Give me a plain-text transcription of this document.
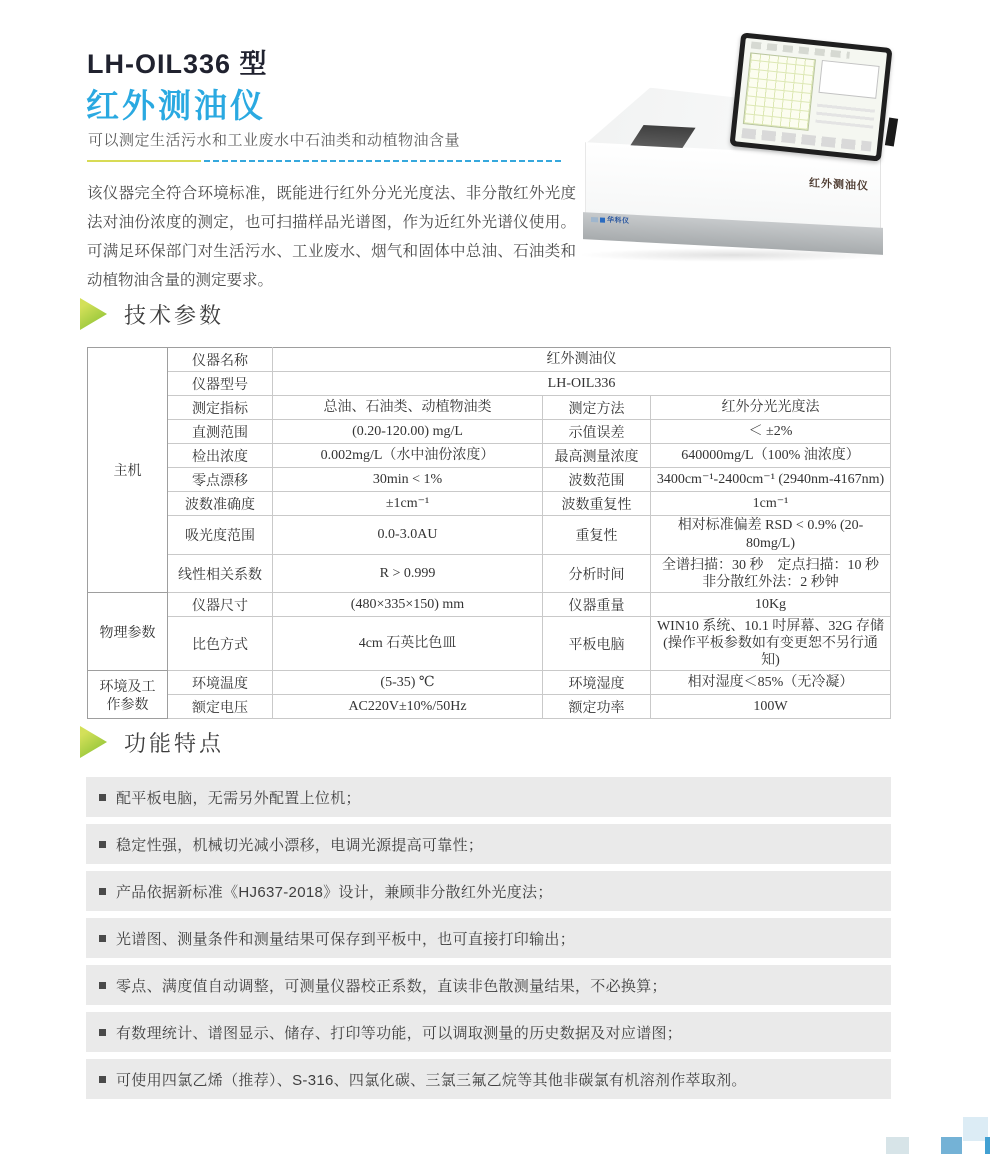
LH-OIL336 型
红外测油仪
可以测定生活污水和工业废水中石油类和动植物油含量
该仪器完全符合环境标准，既能进行红外分光光度法、非分散红外光度法对油份浓度的测定，也可扫描样品光谱图，作为近红外光谱仪使用。可满足环保部门对生活污水、工业废水、烟气和固体中总油、石油类和动植物油含量的测定要求。
红外测油仪
华科仪
技术参数
主机	仪器名称	红外测油仪		
	仪器型号	LH-OIL336		
	测定指标	总油、石油类、动植物油类	测定方法	红外分光光度法
	直测范围	(0.20-120.00) mg/L	示值误差	＜ ±2%
	检出浓度	0.002mg/L（水中油份浓度）	最高测量浓度	640000mg/L（100% 油浓度）
	零点漂移	30min < 1%	波数范围	3400cm⁻¹-2400cm⁻¹ (2940nm-4167nm)
	波数准确度	±1cm⁻¹	波数重复性	1cm⁻¹
	吸光度范围	0.0-3.0AU	重复性	相对标准偏差 RSD < 0.9% (20-80mg/L)
	线性相关系数	R > 0.999	分析时间	全谱扫描：30 秒　定点扫描：10 秒
非分散红外法：2 秒钟

物理参数	仪器尺寸	(480×335×150) mm	仪器重量	10Kg
	比色方式	4cm 石英比色皿	平板电脑	WIN10 系统、10.1 吋屏幕、32G 存储
(操作平板参数如有变更恕不另行通知)

环境及工作参数	环境温度	(5-35) ℃	环境湿度	相对湿度＜85%（无冷凝）
	额定电压	AC220V±10%/50Hz	额定功率	100W
功能特点
配平板电脑，无需另外配置上位机；
稳定性强，机械切光减小漂移，电调光源提高可靠性；
产品依据新标准《HJ637-2018》设计，兼顾非分散红外光度法；
光谱图、测量条件和测量结果可保存到平板中，也可直接打印输出；
零点、满度值自动调整，可测量仪器校正系数，直读非色散测量结果，不必换算；
有数理统计、谱图显示、储存、打印等功能，可以调取测量的历史数据及对应谱图；
可使用四氯乙烯（推荐）、S-316、四氯化碳、三氯三氟乙烷等其他非碳氯有机溶剂作萃取剂。
